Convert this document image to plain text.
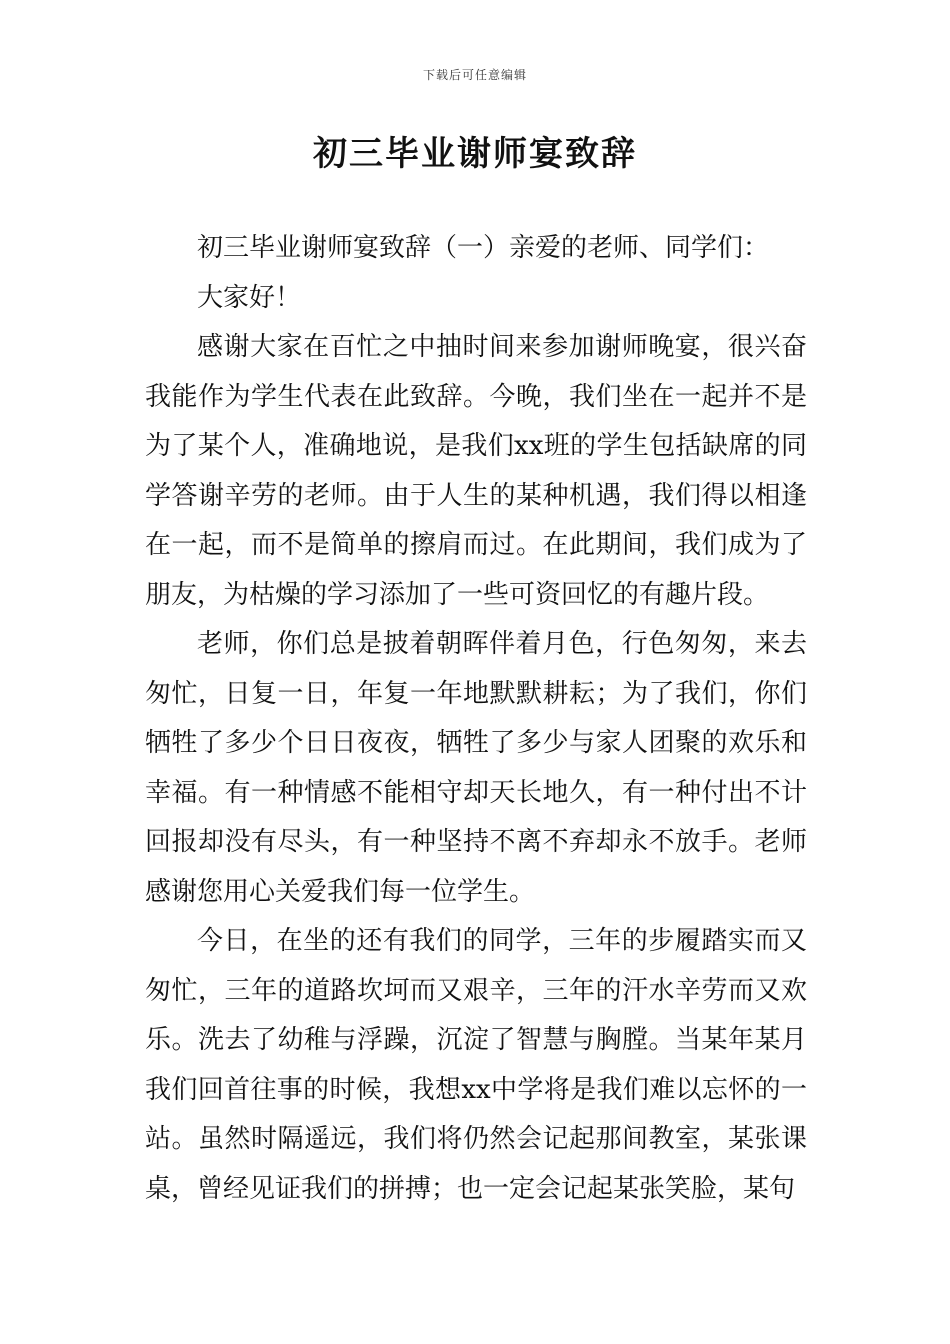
下载后可任意编辑
初三毕业谢师宴致辞

初三毕业谢师宴致辞（一）亲爱的老师、同学们：

大家好！

感谢大家在百忙之中抽时间来参加谢师晚宴，很兴奋我能作为学生代表在此致辞。今晚，我们坐在一起并不是为了某个人，准确地说，是我们xx班的学生包括缺席的同学答谢辛劳的老师。由于人生的某种机遇，我们得以相逢在一起，而不是简单的擦肩而过。在此期间，我们成为了朋友，为枯燥的学习添加了一些可资回忆的有趣片段。

老师，你们总是披着朝晖伴着月色，行色匆匆，来去匆忙，日复一日，年复一年地默默耕耘；为了我们，你们牺牲了多少个日日夜夜，牺牲了多少与家人团聚的欢乐和幸福。有一种情感不能相守却天长地久，有一种付出不计回报却没有尽头，有一种坚持不离不弃却永不放手。老师感谢您用心关爱我们每一位学生。

今日，在坐的还有我们的同学，三年的步履踏实而又匆忙，三年的道路坎坷而又艰辛，三年的汗水辛劳而又欢乐。洗去了幼稚与浮躁，沉淀了智慧与胸膛。当某年某月我们回首往事的时候，我想xx中学将是我们难以忘怀的一站。虽然时隔遥远，我们将仍然会记起那间教室，某张课桌，曾经见证我们的拼搏；也一定会记起某张笑脸，某句
